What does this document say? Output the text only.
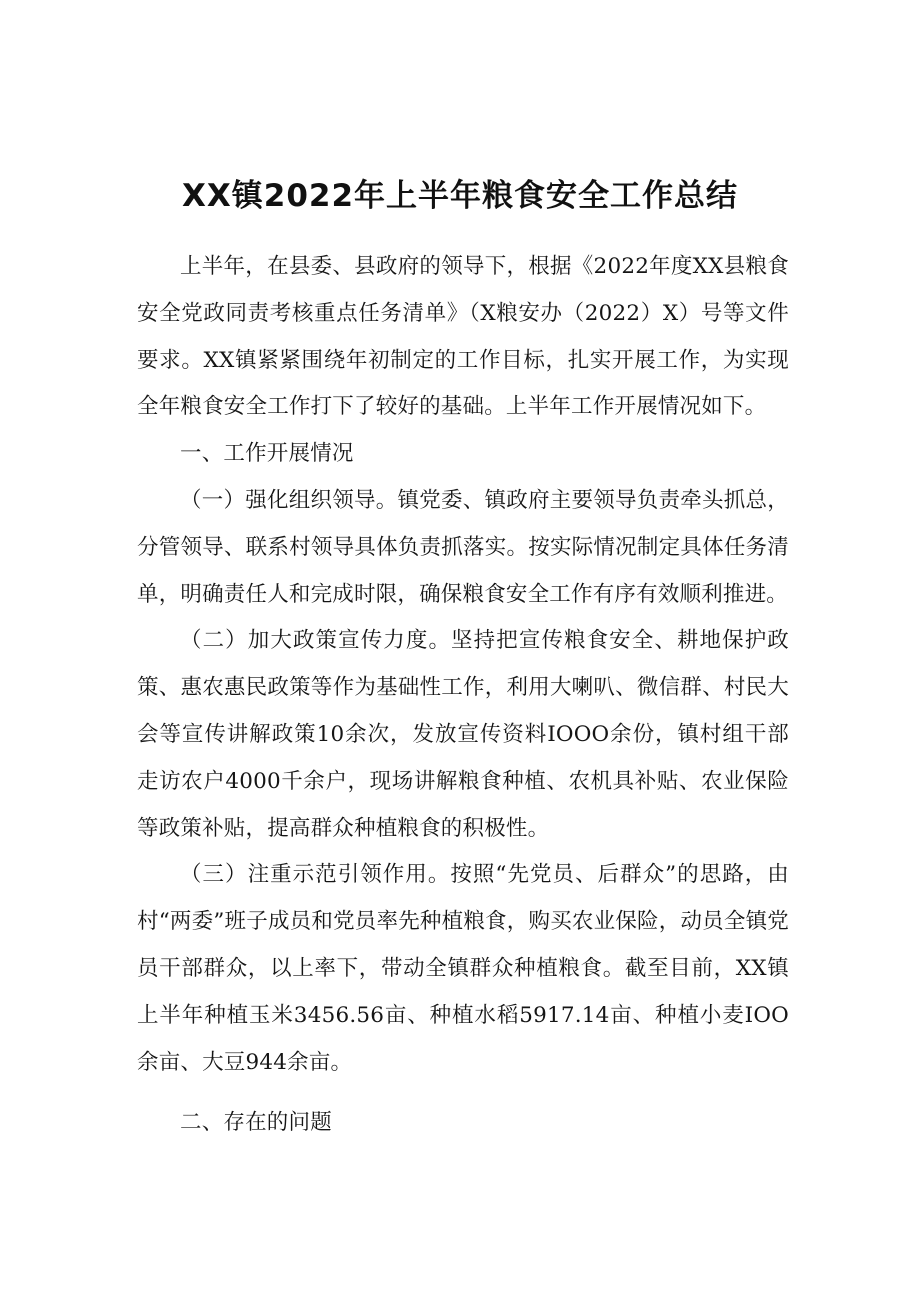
XX镇2022年上半年粮食安全工作总结

上半年，在县委、县政府的领导下，根据《2022年度XX县粮食安全党政同责考核重点任务清单》（X粮安办（2022）X）号等文件要求。XX镇紧紧围绕年初制定的工作目标，扎实开展工作，为实现全年粮食安全工作打下了较好的基础。上半年工作开展情况如下。

一、工作开展情况

（一）强化组织领导。镇党委、镇政府主要领导负责牵头抓总，分管领导、联系村领导具体负责抓落实。按实际情况制定具体任务清单，明确责任人和完成时限，确保粮食安全工作有序有效顺利推进。

（二）加大政策宣传力度。坚持把宣传粮食安全、耕地保护政策、惠农惠民政策等作为基础性工作，利用大喇叭、微信群、村民大会等宣传讲解政策10余次，发放宣传资料IOOO余份，镇村组干部走访农户4000千余户，现场讲解粮食种植、农机具补贴、农业保险等政策补贴，提高群众种植粮食的积极性。

（三）注重示范引领作用。按照“先党员、后群众”的思路，由村“两委”班子成员和党员率先种植粮食，购买农业保险，动员全镇党员干部群众，以上率下，带动全镇群众种植粮食。截至目前，XX镇上半年种植玉米3456.56亩、种植水稻5917.14亩、种植小麦IOO余亩、大豆944余亩。

二、存在的问题
